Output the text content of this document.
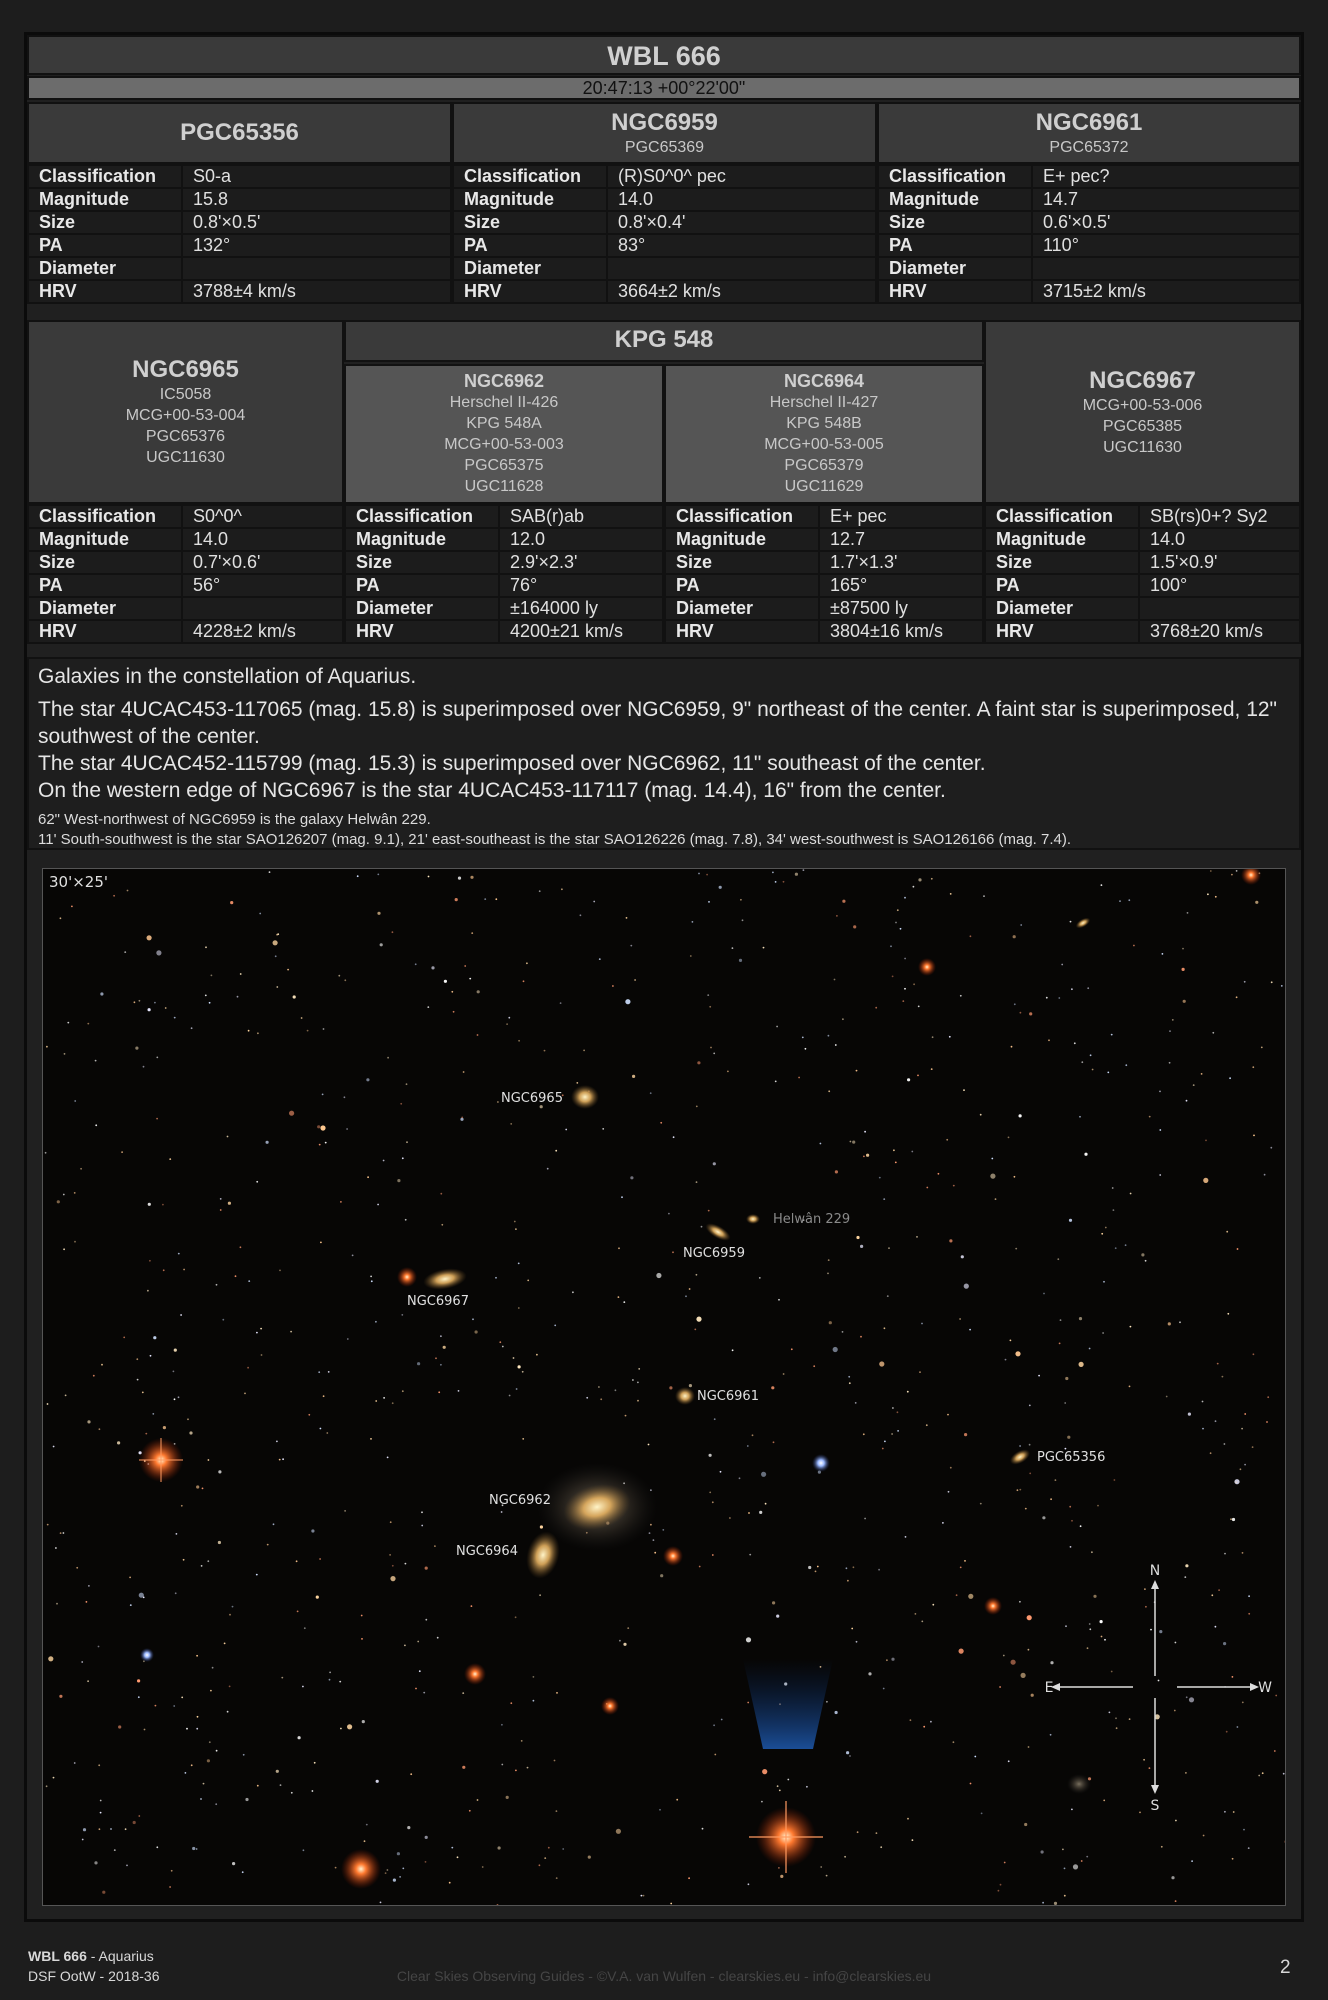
WBL 666
20:47:13 +00°22'00"
PGC65356
Classification	S0-a
Magnitude	15.8
Size	0.8'×0.5'
PA	132°
Diameter	
HRV	3788±4 km/s
NGC6959
PGC65369
Classification	(R)S0^0^ pec
Magnitude	14.0
Size	0.8'×0.4'
PA	83°
Diameter	
HRV	3664±2 km/s
NGC6961
PGC65372
Classification	E+ pec?
Magnitude	14.7
Size	0.6'×0.5'
PA	110°
Diameter	
HRV	3715±2 km/s
KPG 548
NGC6965
IC5058
MCG+00-53-004
PGC65376
UGC11630
Classification	S0^0^
Magnitude	14.0
Size	0.7'×0.6'
PA	56°
Diameter	
HRV	4228±2 km/s
NGC6962
Herschel II-426
KPG 548A
MCG+00-53-003
PGC65375
UGC11628
Classification	SAB(r)ab
Magnitude	12.0
Size	2.9'×2.3'
PA	76°
Diameter	±164000 ly
HRV	4200±21 km/s
NGC6964
Herschel II-427
KPG 548B
MCG+00-53-005
PGC65379
UGC11629
Classification	E+ pec
Magnitude	12.7
Size	1.7'×1.3'
PA	165°
Diameter	±87500 ly
HRV	3804±16 km/s
NGC6967
MCG+00-53-006
PGC65385
UGC11630
Classification	SB(rs)0+? Sy2
Magnitude	14.0
Size	1.5'×0.9'
PA	100°
Diameter	
HRV	3768±20 km/s
Galaxies in the constellation of Aquarius.
The star 4UCAC453-117065 (mag. 15.8) is superimposed over NGC6959, 9" northeast of the center. A faint star is superimposed, 12" southwest of the center.
The star 4UCAC452-115799 (mag. 15.3) is superimposed over NGC6962, 11" southeast of the center.
On the western edge of NGC6967 is the star 4UCAC453-117117 (mag. 14.4), 16" from the center.
62" West-northwest of NGC6959 is the galaxy Helwân 229.
11' South-southwest is the star SAO126207 (mag. 9.1), 21' east-southeast is the star SAO126226 (mag. 7.8), 34' west-southwest is SAO126166 (mag. 7.4).
30'×25'
NGC6965
Helwân 229
NGC6959
NGC6967
NGC6961
PGC65356
NGC6962
NGC6964
N
S
E	W
WBL 666 - Aquarius
DSF OotW - 2018-36	Clear Skies Observing Guides - ©V.A. van Wulfen - clearskies.eu - info@clearskies.eu	2
